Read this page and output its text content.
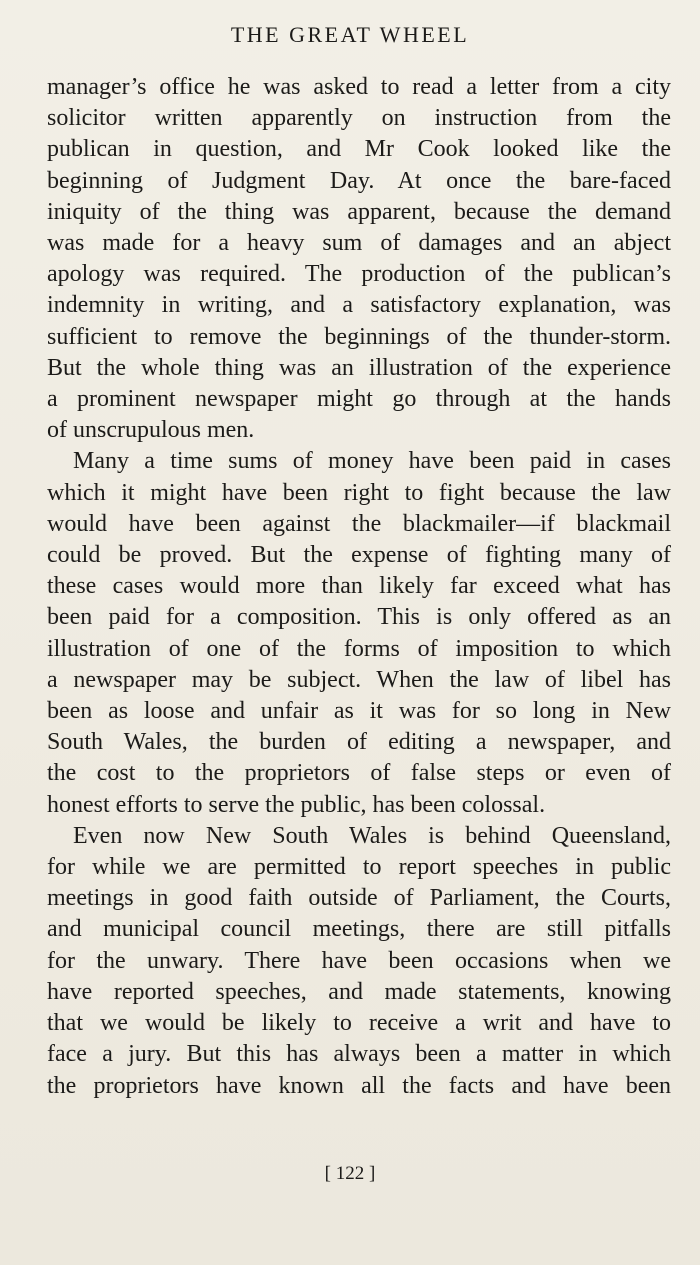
THE GREAT WHEEL
manager’s office he was asked to read a letter from a city
solicitor written apparently on instruction from the
publican in question, and Mr Cook looked like the
beginning of Judgment Day. At once the bare-faced
iniquity of the thing was apparent, because the demand
was made for a heavy sum of damages and an abject
apology was required. The production of the publican’s
indemnity in writing, and a satisfactory explanation, was
sufficient to remove the beginnings of the thunder-storm.
But the whole thing was an illustration of the experience
a prominent newspaper might go through at the hands
of unscrupulous men.
Many a time sums of money have been paid in cases
which it might have been right to fight because the law
would have been against the blackmailer—if blackmail
could be proved. But the expense of fighting many of
these cases would more than likely far exceed what has
been paid for a composition. This is only offered as an
illustration of one of the forms of imposition to which
a newspaper may be subject. When the law of libel has
been as loose and unfair as it was for so long in New
South Wales, the burden of editing a newspaper, and
the cost to the proprietors of false steps or even of
honest efforts to serve the public, has been colossal.
Even now New South Wales is behind Queensland,
for while we are permitted to report speeches in public
meetings in good faith outside of Parliament, the Courts,
and municipal council meetings, there are still pitfalls
for the unwary. There have been occasions when we
have reported speeches, and made statements, knowing
that we would be likely to receive a writ and have to
face a jury. But this has always been a matter in which
the proprietors have known all the facts and have been
[ 122 ]
